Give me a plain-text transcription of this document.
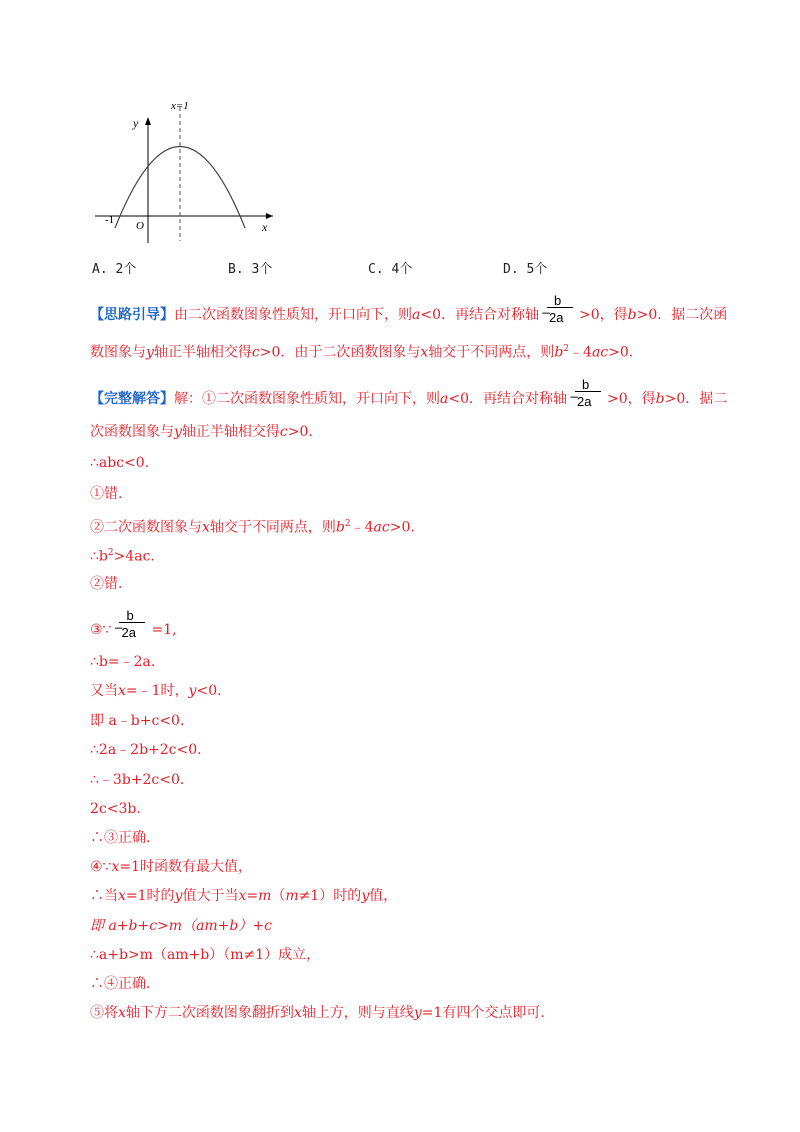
x=1
y
x
O
-1
A. 2个	B. 3个	C. 4个	D. 5个
【思路引导】由二次函数图象性质知，开口向下，则a<0．再结合对称轴 −
b
2a >0，得b>0．据二次函
数图象与y轴正半轴相交得c>0．由于二次函数图象与x轴交于不同两点，则$b^2﹣4ac>0$.
【完整解答】解：①二次函数图象性质知，开口向下，则a<0．再结合对称轴 −
b
2a >0，得b>0．据二
次函数图象与y轴正半轴相交得c>0.
∴abc<0.
①错.
②二次函数图象与x轴交于不同两点，则$b^2﹣4ac>0$.
$\therefore b^2>4ac$.
②错.
③∵ −
b
2a =1,
∴b=﹣2a.
又当x=﹣1时，y<0.
即 a﹣b+c<0.
∴2a﹣2b+2c<0.
∴﹣3b+2c<0.
2c<3b.
∴③正确.
④∵x=1时函数有最大值，
∴当x=1时的y值大于当x=m（m≠1）时的y值，
即 a+b+c>m（am+b）+c
∴a+b>m（am+b）（m≠1）成立，
∴④正确.
⑤将x轴下方二次函数图象翻折到x轴上方，则与直线y=1有四个交点即可.
